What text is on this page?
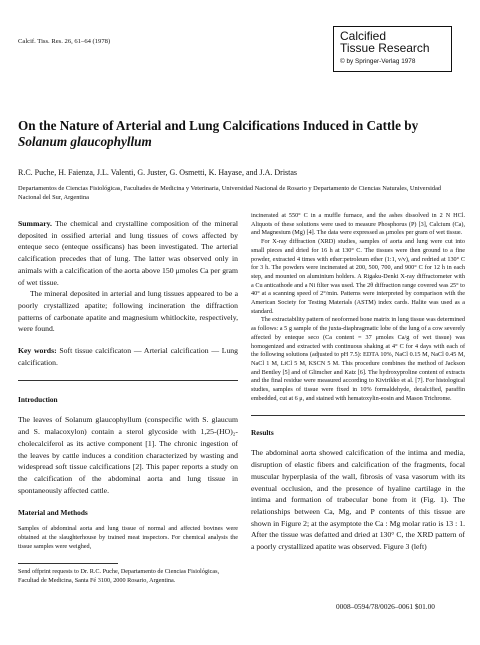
Calcif. Tiss. Res. 26, 61–64 (1978)	Calcified
Tissue Research
© by Springer-Verlag 1978
On the Nature of Arterial and Lung Calcifications Induced in Cattle by Solanum glaucophyllum
R.C. Puche, H. Faienza, J.L. Valenti, G. Juster, G. Osmetti, K. Hayase, and J.A. Dristas
Departamentos de Ciencias Fisiológicas, Facultades de Medicina y Veterinaria, Universidad Nacional de Rosario y Departamento de Ciencias Naturales, Universidad Nacional del Sur, Argentina

Summary. The chemical and crystalline composition of the mineral deposited in ossified arterial and lung tissues of cows affected by enteque seco (enteque ossificans) has been investigated. The arterial calcification precedes that of lung. The latter was observed only in animals with a calcification of the aorta above 150 μmoles Ca per gram of wet tissue.

The mineral deposited in arterial and lung tissues appeared to be a poorly crystallized apatite; following incineration the diffraction patterns of carbonate apatite and magnesium whitlockite, respectively, were found.

Key words: Soft tissue calcificaton — Arterial calcification — Lung calcification.

Introduction

The leaves of Solanum glaucophyllum (conspecific with S. glaucum and S. malacoxylon) contain a sterol glycoside with 1,25-(HO)₂-cholecalciferol as its active component [1]. The chronic ingestion of the leaves by cattle induces a condition characterized by wasting and widespread soft tissue calcifications [2]. This paper reports a study on the calcification of the abdominal aorta and lung tissue in spontaneously affected cattle.

Material and Methods

Samples of abdominal aorta and lung tissue of normal and affected bovines were obtained at the slaughterhouse by trained meat inspectors. For chemical analysis the tissue samples were weighed,

Send offprint requests to Dr. R.C. Puche, Departamento de Ciencias Fisiológicas, Facultad de Medicina, Santa Fé 3100, 2000 Rosario, Argentina.

incinerated at 550° C in a muffle furnace, and the ashes dissolved in 2 N HCl. Aliquots of these solutions were used to measure Phosphorus (P) [3], Calcium (Ca), and Magnesium (Mg) [4]. The data were expressed as μmoles per gram of wet tissue.

For X-ray diffraction (XRD) studies, samples of aorta and lung were cut into small pieces and dried for 16 h at 130° C. The tissues were then ground to a fine powder, extracted 4 times with ether:petroleum ether (1:1, v/v), and redried at 130° C for 3 h. The powders were incinerated at 200, 500, 700, and 900° C for 12 h in each step, and mounted on aluminium holders. A Rigaku-Denki X-ray diffractometer with a Cu anticathode and a Ni filter was used. The 2θ diffraction range covered was 25° to 40° at a scanning speed of 2°/min. Patterns were interpreted by comparison with the American Society for Testing Materials (ASTM) index cards. Halite was used as a standard.

The extractability pattern of neoformed bone matrix in lung tissue was determined as follows: a 5 g sample of the juxta-diaphragmatic lobe of the lung of a cow severely affected by enteque seco (Ca content = 37 μmoles Ca/g of wet tissue) was homogenized and extracted with continuous shaking at 4° C for 4 days with each of the following solutions (adjusted to pH 7.5): EDTA 10%, NaCl 0.15 M, NaCl 0.45 M, NaCl 1 M, LiCl 5 M, KSCN 5 M. This procedure combines the method of Jackson and Bentley [5] and of Glimcher and Katz [6]. The hydroxyproline content of extracts and the final residue were measured according to Kivirikko et al. [7]. For histological studies, samples of tissue were fixed in 10% formaldehyde, decalcified, paraffin embedded, cut at 6 μ, and stained with hematoxylin-eosin and Mason Trichrome.

Results

The abdominal aorta showed calcification of the intima and media, disruption of elastic fibers and calcification of the fragments, focal muscular hyperplasia of the wall, fibrosis of vasa vasorum with its eventual occlusion, and the presence of hyaline cartilage in the intima and formation of trabecular bone from it (Fig. 1). The relationships between Ca, Mg, and P contents of this tissue are shown in Figure 2; at the asymptote the Ca : Mg molar ratio is 13 : 1. After the tissue was defatted and dried at 130° C, the XRD pattern of a poorly crystallized apatite was observed. Figure 3 (left)

0008–0594/78/0026–0061 $01.00
